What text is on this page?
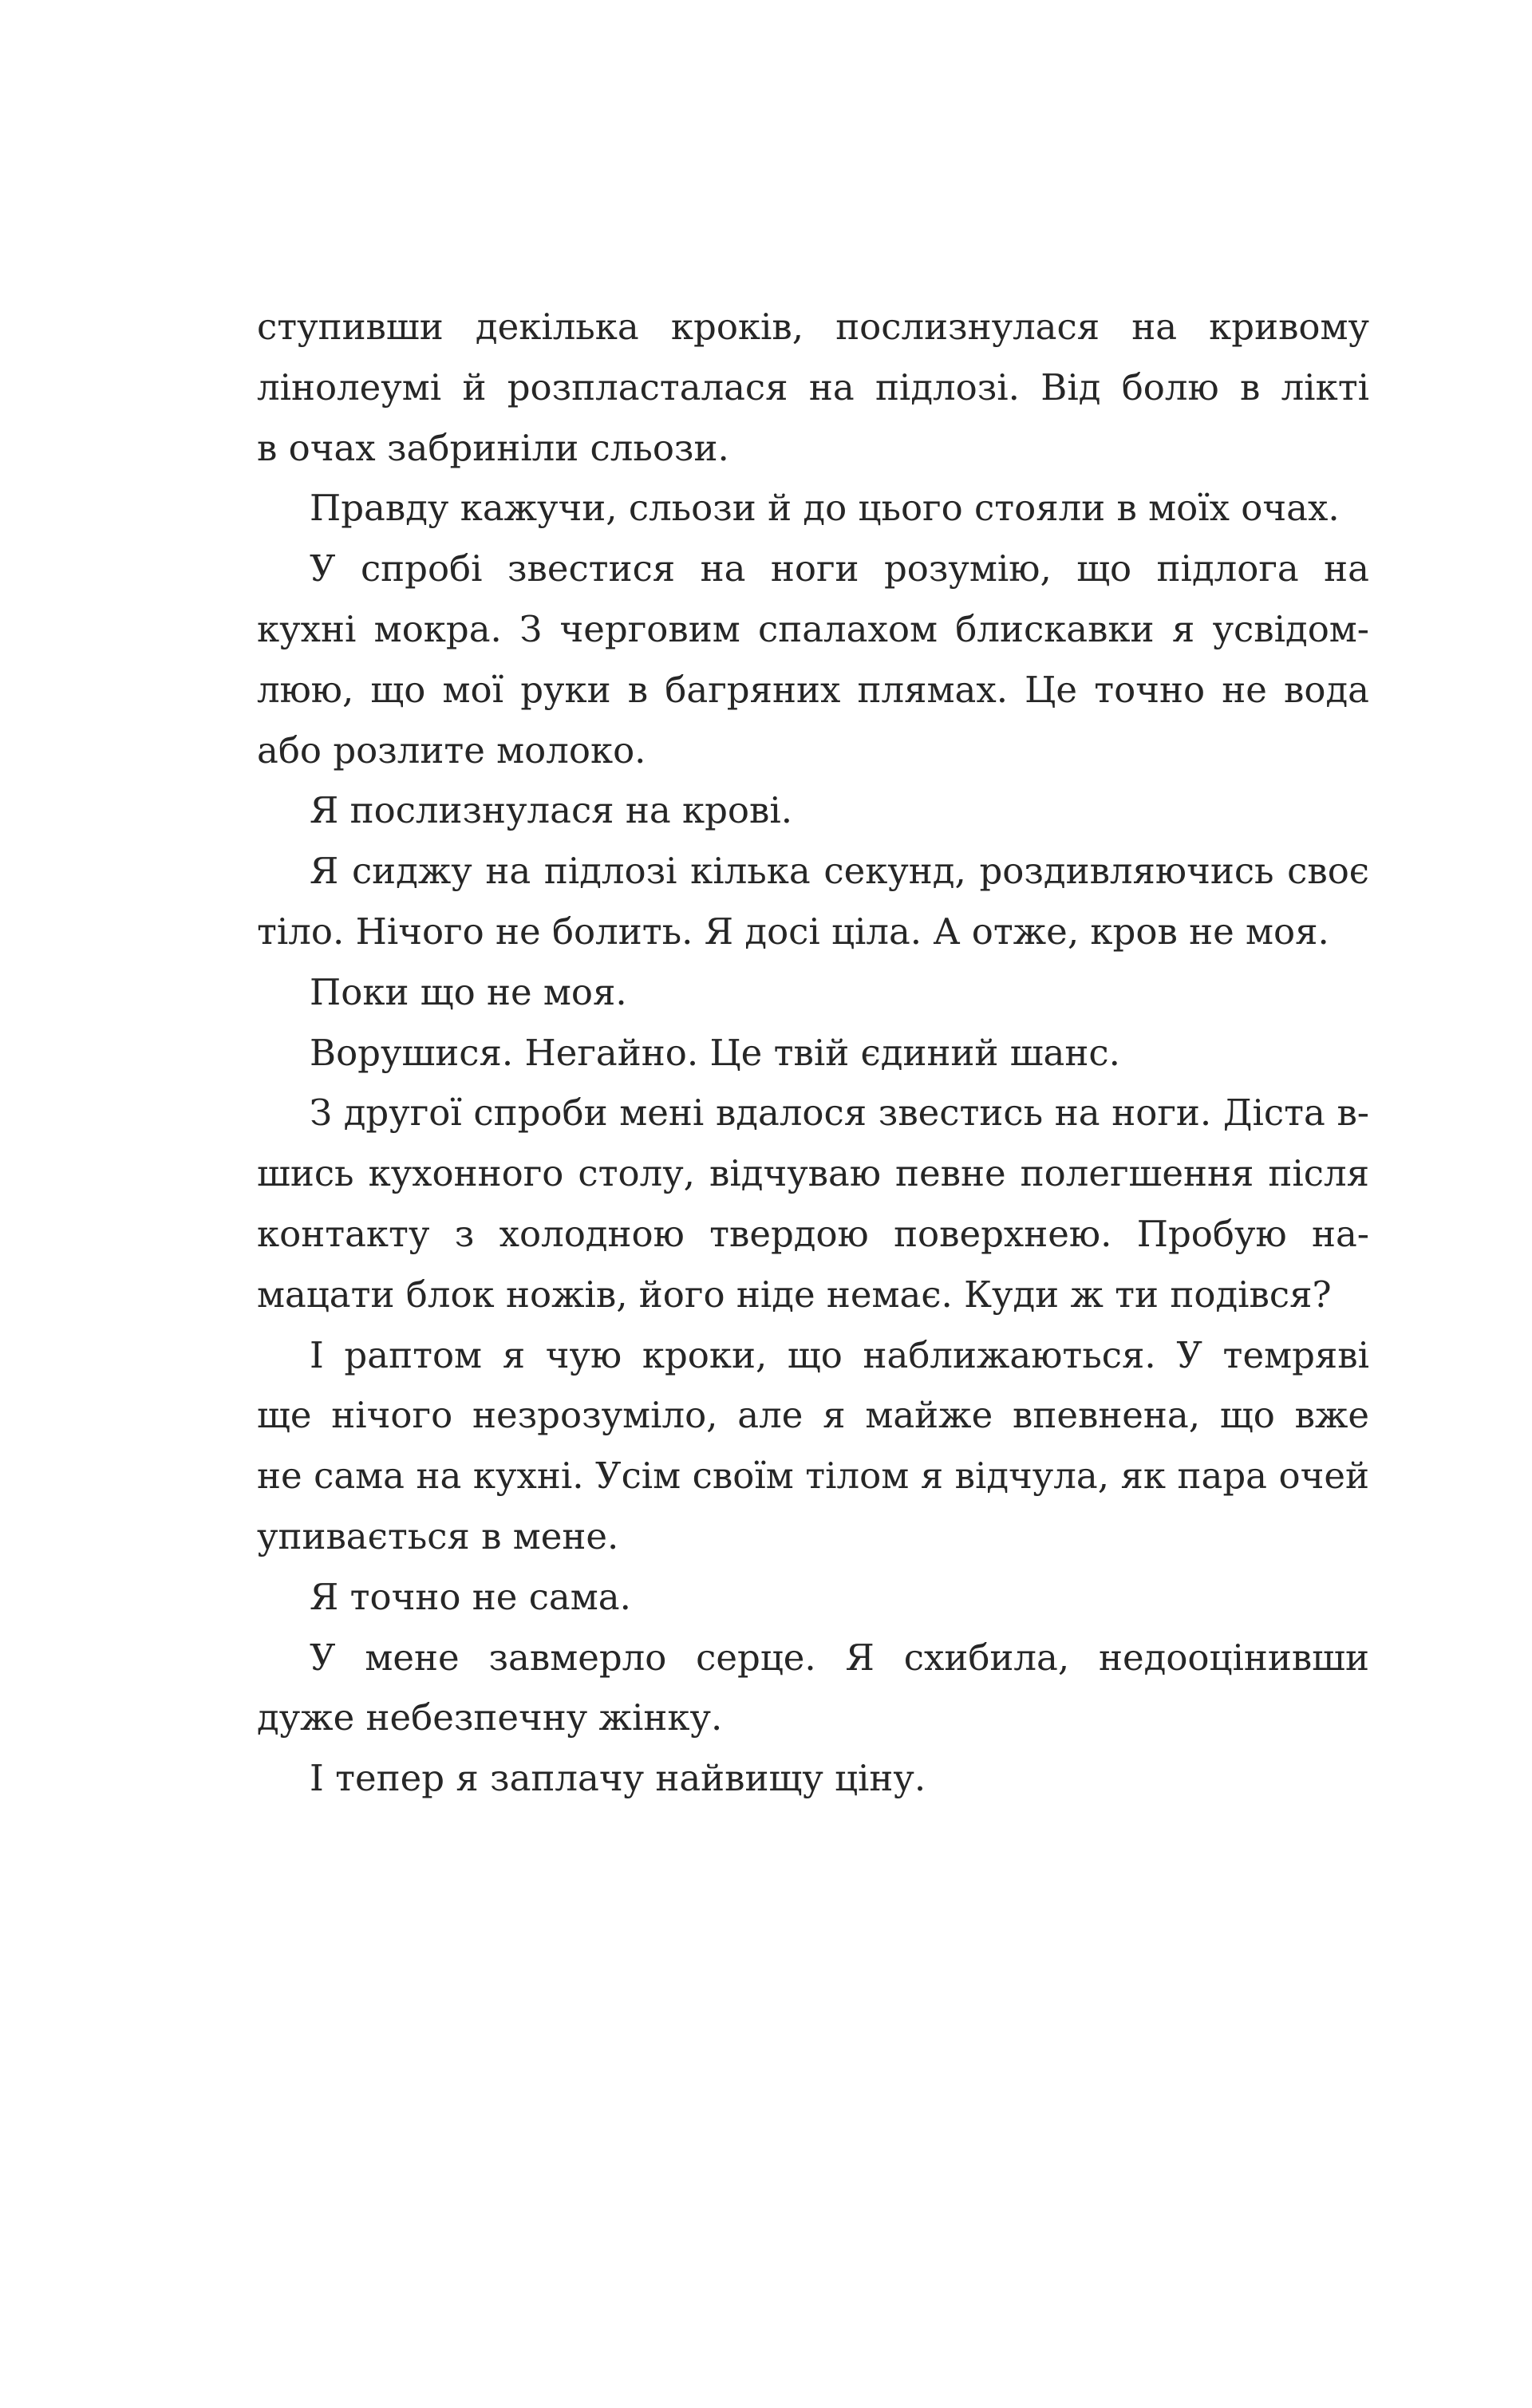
ступивши декілька кроків, послизнулася на кривому
лінолеумі й розпласталася на підлозі. Від болю в лікті
в очах забриніли сльози.
Правду кажучи, сльози й до цього стояли в моїх очах.
У спробі звестися на ноги розумію, що підлога на
кухні мокра. З черговим спалахом блискавки я усвідом-
люю, що мої руки в багряних плямах. Це точно не вода
або розлите молоко.
Я послизнулася на крові.
Я сиджу на підлозі кілька секунд, роздивляючись своє
тіло. Нічого не болить. Я досі ціла. А отже, кров не моя.
Поки що не моя.
Ворушися. Негайно. Це твій єдиний шанс.
З другої спроби мені вдалося звестись на ноги. Діста в-
шись кухонного столу, відчуваю певне полегшення після
контакту з холодною твердою поверхнею. Пробую на-
мацати блок ножів, його ніде немає. Куди ж ти подівся?
І раптом я чую кроки, що наближаються. У темряві
ще нічого незрозуміло, але я майже впевнена, що вже
не сама на кухні. Усім своїм тілом я відчула, як пара очей
упивається в мене.
Я точно не сама.
У мене завмерло серце. Я схибила, недооцінивши
дуже небезпечну жінку.
І тепер я заплачу найвищу ціну.
